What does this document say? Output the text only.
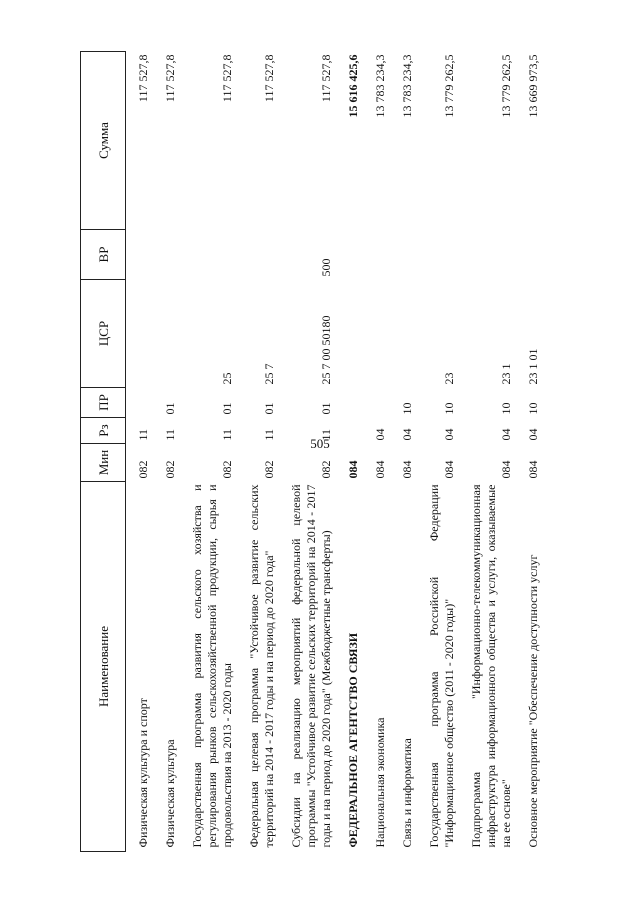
505
Наименование	Мин	Рз	ПР	ЦСР	ВР	Сумма
Физическая культура и спорт	082	11				117 527,8
Физическая культура	082	11	01			117 527,8
Государственная программа развития сельского хозяйства и регулирования рынков сельскохозяйственной продукции, сырья и продовольствия на 2013 - 2020 годы	082	11	01	25		117 527,8
Федеральная целевая программа "Устойчивое развитие сельских территорий на 2014 - 2017 годы и на период до 2020 года"	082	11	01	25 7		117 527,8
Субсидии на реализацию мероприятий федеральной целевой программы "Устойчивое развитие сельских территорий на 2014 - 2017 годы и на период до 2020 года" (Межбюджетные трансферты)	082	11	01	25 7 00 50180	500	117 527,8
ФЕДЕРАЛЬНОЕ АГЕНТСТВО СВЯЗИ	084					15 616 425,6
Национальная экономика	084	04				13 783 234,3
Связь и информатика	084	04	10			13 783 234,3
Государственная программа Российской Федерации "Информационное общество (2011 - 2020 годы)"	084	04	10	23		13 779 262,5
Подпрограмма "Информационно-телекоммуникационная инфраструктура информационного общества и услуги, оказываемые на ее основе"	084	04	10	23 1		13 779 262,5
Основное мероприятие "Обеспечение доступности услуг	084	04	10	23 1 01		13 669 973,5
